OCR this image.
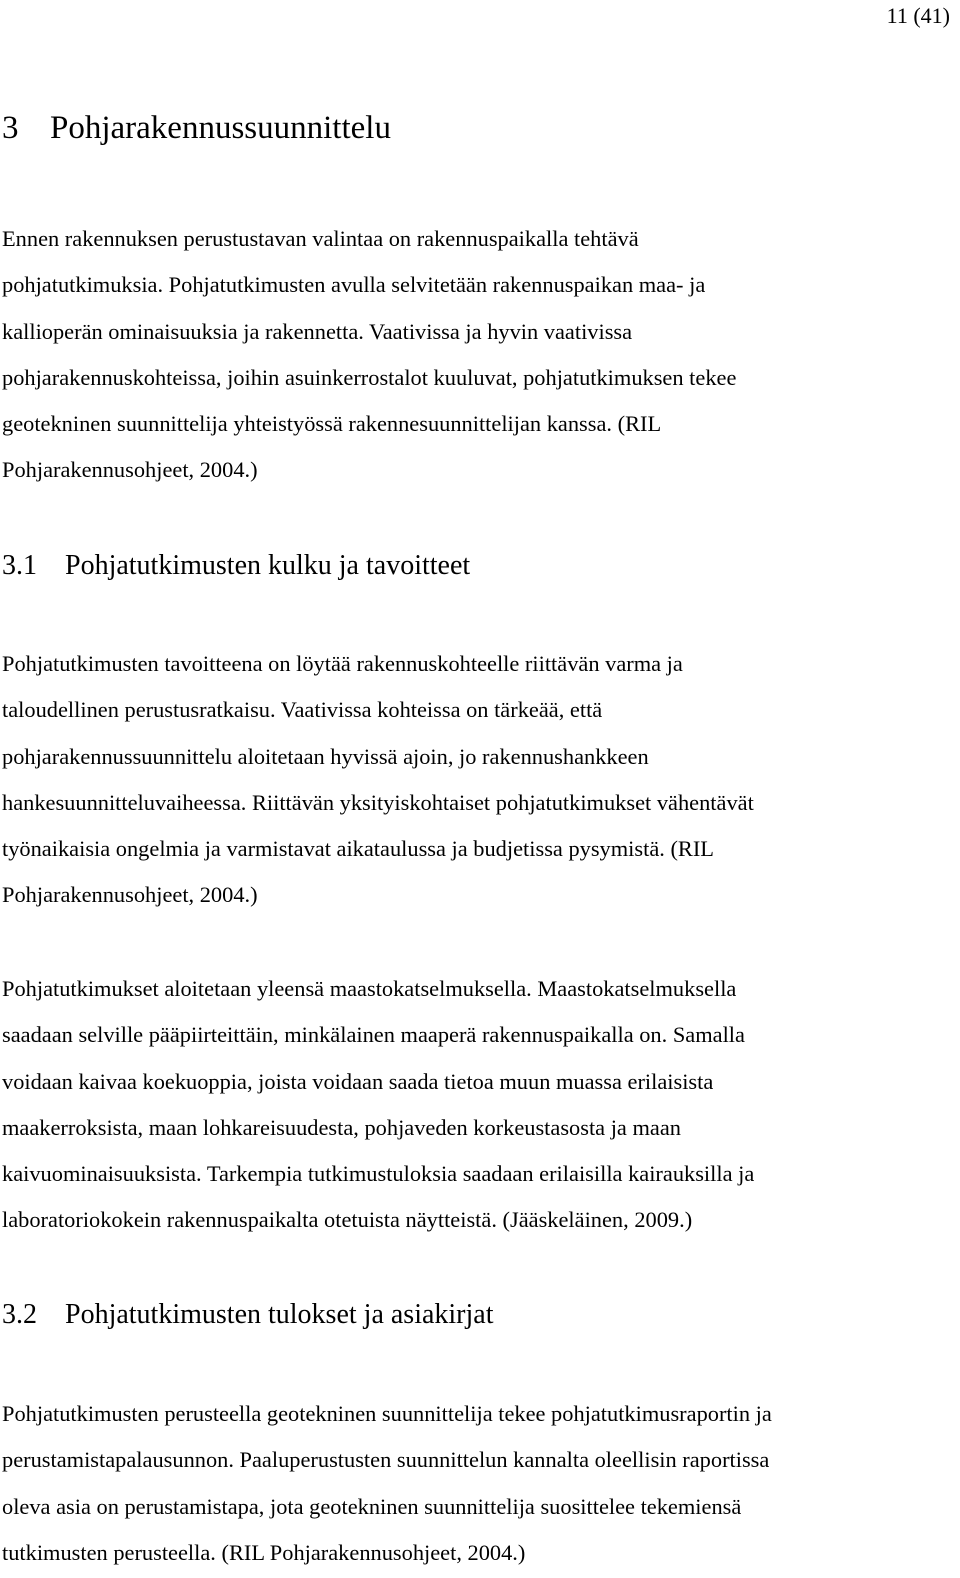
11 (41)
3 Pohjarakennussuunnittelu
Ennen rakennuksen perustustavan valintaa on rakennuspaikalla tehtävä
pohjatutkimuksia. Pohjatutkimusten avulla selvitetään rakennuspaikan maa- ja
kallioperän ominaisuuksia ja rakennetta. Vaativissa ja hyvin vaativissa
pohjarakennuskohteissa, joihin asuinkerrostalot kuuluvat, pohjatutkimuksen tekee
geotekninen suunnittelija yhteistyössä rakennesuunnittelijan kanssa. (RIL
Pohjarakennusohjeet, 2004.)
3.1 Pohjatutkimusten kulku ja tavoitteet
Pohjatutkimusten tavoitteena on löytää rakennuskohteelle riittävän varma ja
taloudellinen perustusratkaisu. Vaativissa kohteissa on tärkeää, että
pohjarakennussuunnittelu aloitetaan hyvissä ajoin, jo rakennushankkeen
hankesuunnitteluvaiheessa. Riittävän yksityiskohtaiset pohjatutkimukset vähentävät
työnaikaisia ongelmia ja varmistavat aikataulussa ja budjetissa pysymistä. (RIL
Pohjarakennusohjeet, 2004.)
Pohjatutkimukset aloitetaan yleensä maastokatselmuksella. Maastokatselmuksella
saadaan selville pääpiirteittäin, minkälainen maaperä rakennuspaikalla on. Samalla
voidaan kaivaa koekuoppia, joista voidaan saada tietoa muun muassa erilaisista
maakerroksista, maan lohkareisuudesta, pohjaveden korkeustasosta ja maan
kaivuominaisuuksista. Tarkempia tutkimustuloksia saadaan erilaisilla kairauksilla ja
laboratoriokokein rakennuspaikalta otetuista näytteistä. (Jääskeläinen, 2009.)
3.2 Pohjatutkimusten tulokset ja asiakirjat
Pohjatutkimusten perusteella geotekninen suunnittelija tekee pohjatutkimusraportin ja
perustamistapalausunnon. Paaluperustusten suunnittelun kannalta oleellisin raportissa
oleva asia on perustamistapa, jota geotekninen suunnittelija suosittelee tekemiensä
tutkimusten perusteella. (RIL Pohjarakennusohjeet, 2004.)
